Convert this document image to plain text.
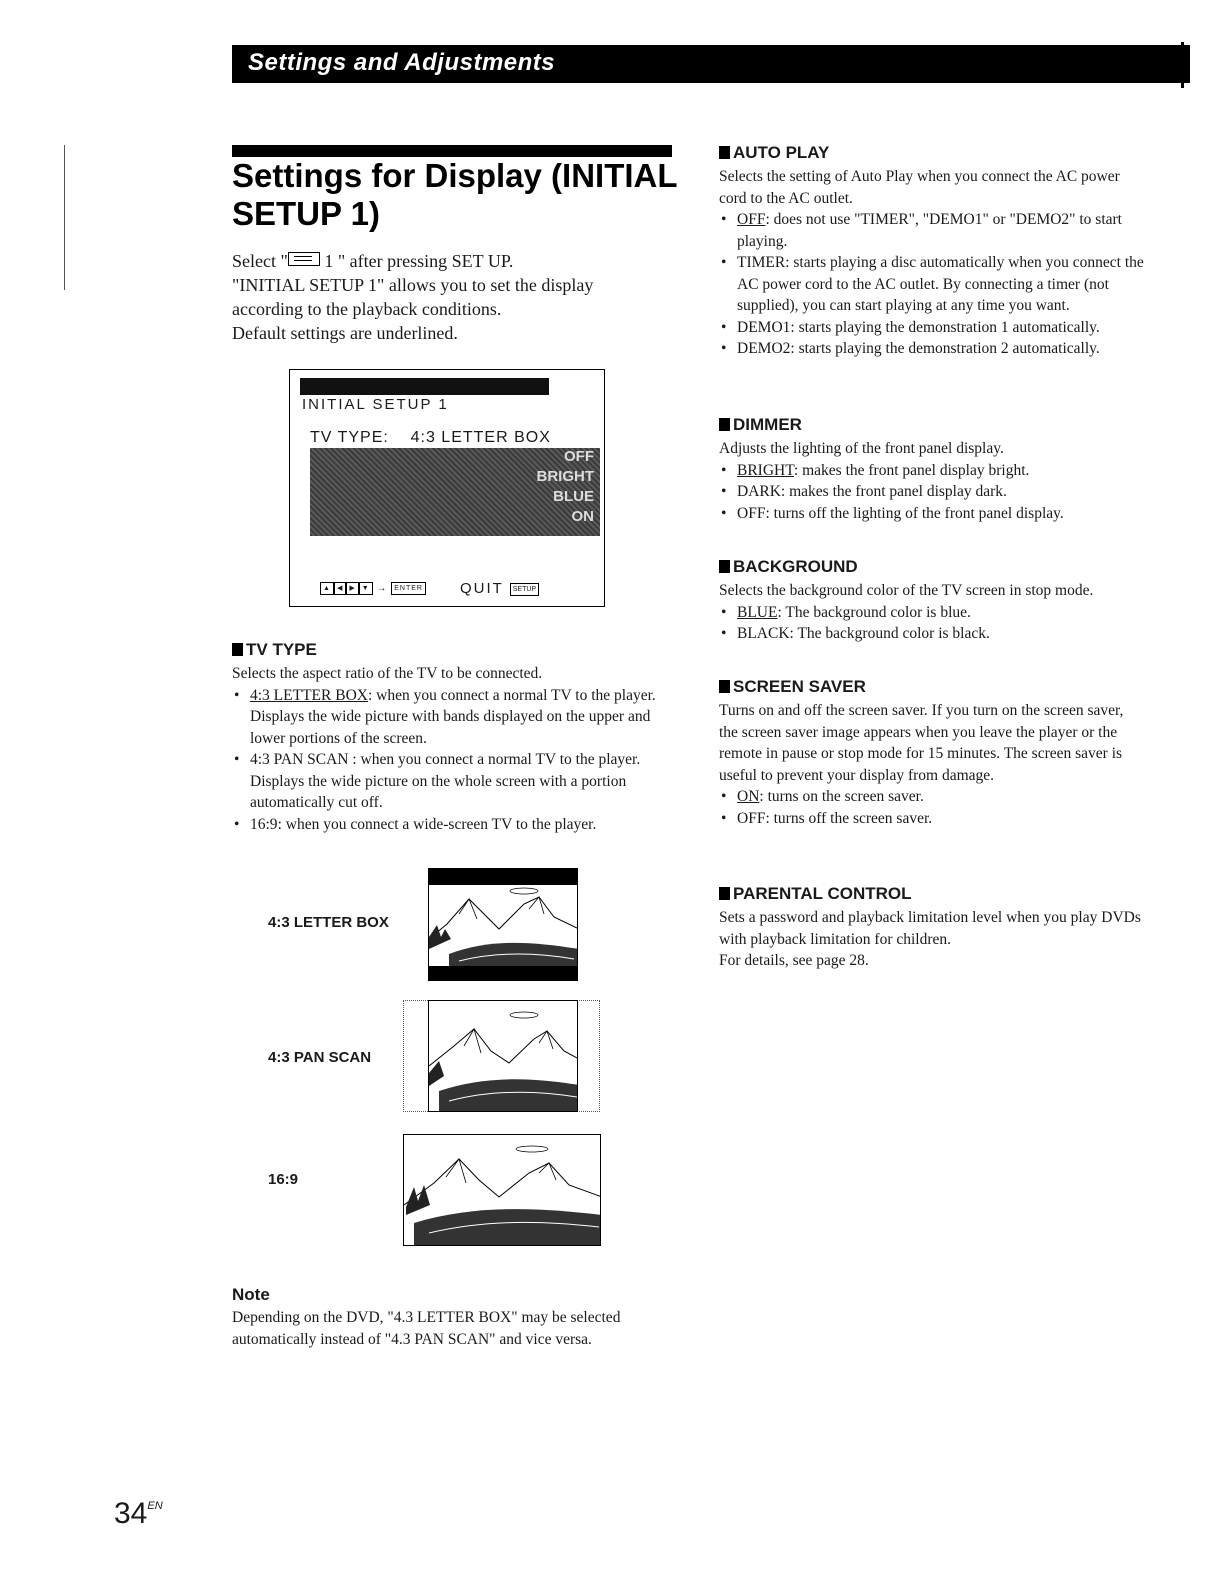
Settings and Adjustments
Settings for Display (INITIAL SETUP 1)
Select "
1 " after pressing SET UP.
"INITIAL SETUP 1" allows you to set the display according to the playback conditions.
Default settings are underlined.
INITIAL SETUP 1
TV TYPE:    4:3 LETTER BOX
OFF
BRIGHT
BLUE
ON
▲ ◀ ▶ ▼ → ENTER QUIT SETUP
TV TYPE
Selects the aspect ratio of the TV to be connected.
• 4:3 LETTER BOX: when you connect a normal TV to the player. Displays the wide picture with bands displayed on the upper and lower portions of the screen.
• 4:3 PAN SCAN : when you connect a normal TV to the player. Displays the wide picture on the whole screen with a portion automatically cut off.
• 16:9: when you connect a wide-screen TV to the player.
4:3 LETTER BOX
4:3 PAN SCAN
16:9
Note
Depending on the DVD, "4.3 LETTER BOX" may be selected automatically instead of "4.3 PAN SCAN" and vice versa.
AUTO PLAY
Selects the setting of Auto Play when you connect the AC power cord to the AC outlet.
• OFF: does not use "TIMER", "DEMO1" or "DEMO2" to start playing.
• TIMER: starts playing a disc automatically when you connect the AC power cord to the AC outlet. By connecting a timer (not supplied), you can start playing at any time you want.
• DEMO1: starts playing the demonstration 1 automatically.
• DEMO2: starts playing the demonstration 2 automatically.
DIMMER
Adjusts the lighting of the front panel display.
• BRIGHT: makes the front panel display bright.
• DARK: makes the front panel display dark.
• OFF: turns off the lighting of the front panel display.
BACKGROUND
Selects the background color of the TV screen in stop mode.
• BLUE: The background color is blue.
• BLACK: The background color is black.
SCREEN SAVER
Turns on and off the screen saver. If you turn on the screen saver, the screen saver image appears when you leave the player or the remote in pause or stop mode for 15 minutes. The screen saver is useful to prevent your display from damage.
• ON: turns on the screen saver.
• OFF: turns off the screen saver.
PARENTAL CONTROL
Sets a password and playback limitation level when you play DVDs with playback limitation for children.
For details, see page 28.
$34^{EN}$
